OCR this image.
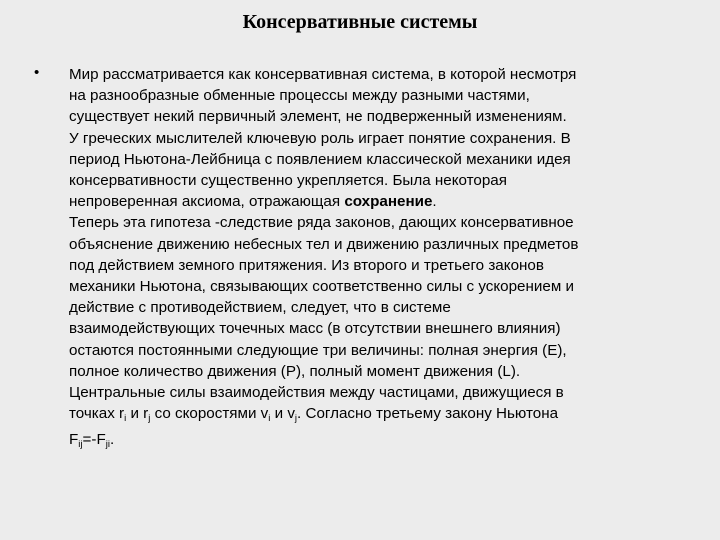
Консервативные системы
• Мир рассматривается как консервативная система, в которой несмотря
на разнообразные обменные процессы между разными частями,
существует некий первичный элемент, не подверженный изменениям.
У греческих мыслителей ключевую роль играет понятие сохранения. В
период Ньютона-Лейбница с появлением классической механики идея
консервативности существенно укрепляется. Была некоторая
непроверенная аксиома, отражающая сохранение.
Теперь эта гипотеза -следствие ряда законов, дающих консервативное
объяснение движению небесных тел и движению различных предметов
под действием земного притяжения. Из второго и третьего законов
механики Ньютона, связывающих соответственно силы с ускорением и
действие с противодействием, следует, что в системе
взаимодействующих точечных масс (в отсутствии внешнего влияния)
остаются постоянными следующие три величины: полная энергия (E),
полное количество движения (P), полный момент движения (L).
Центральные силы взаимодействия между частицами, движущиеся в
точках $r_i$ и $r_j$ со скоростями $v_i$ и $v_j$. Согласно третьему закону Ньютона
$F_{ij}=-F_{ji}$.
